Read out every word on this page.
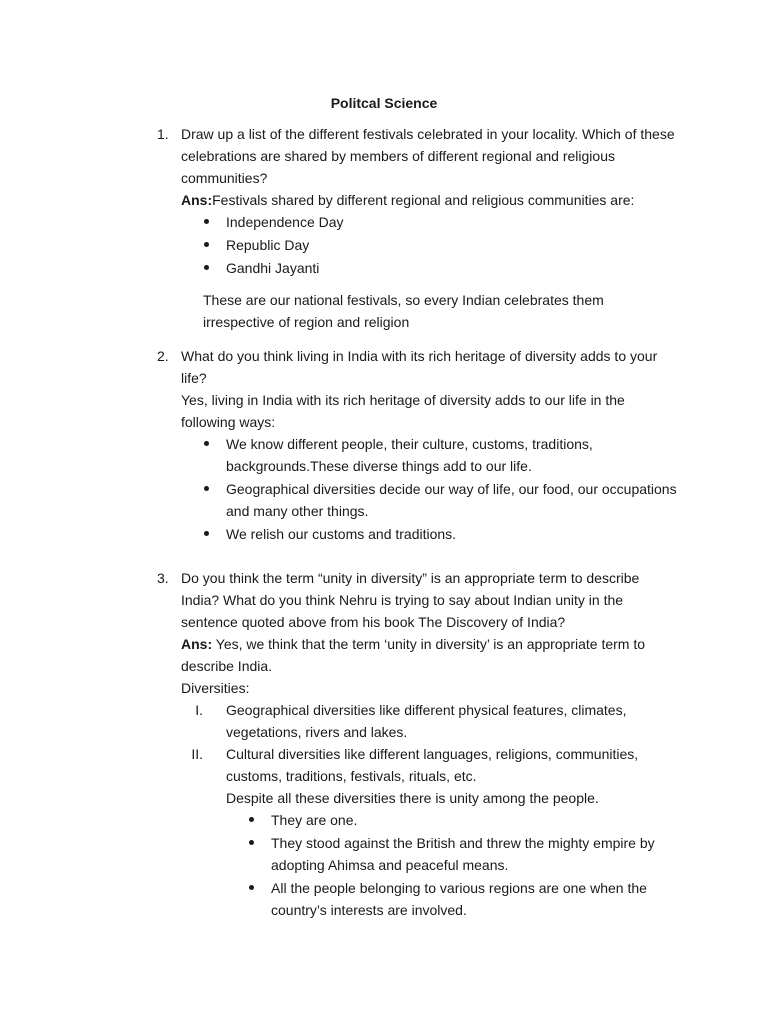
Politcal Science
1. Draw up a list of the different festivals celebrated in your locality. Which of these celebrations are shared by members of different regional and religious communities?
Ans:Festivals shared by different regional and religious communities are:
Independence Day
Republic Day
Gandhi Jayanti
These are our national festivals, so every Indian celebrates them irrespective of region and religion
2. What do you think living in India with its rich heritage of diversity adds to your life?
Yes, living in India with its rich heritage of diversity adds to our life in the following ways:
We know different people, their culture, customs, traditions, backgrounds.These diverse things add to our life.
Geographical diversities decide our way of life, our food, our occupations and many other things.
We relish our customs and traditions.
3. Do you think the term “unity in diversity” is an appropriate term to describe India? What do you think Nehru is trying to say about Indian unity in the sentence quoted above from his book The Discovery of India?
Ans: Yes, we think that the term ‘unity in diversity’ is an appropriate term to describe India.
Diversities:
I. Geographical diversities like different physical features, climates, vegetations, rivers and lakes.
II. Cultural diversities like different languages, religions, communities, customs, traditions, festivals, rituals, etc.
Despite all these diversities there is unity among the people.
They are one.
They stood against the British and threw the mighty empire by adopting Ahimsa and peaceful means.
All the people belonging to various regions are one when the country’s interests are involved.
